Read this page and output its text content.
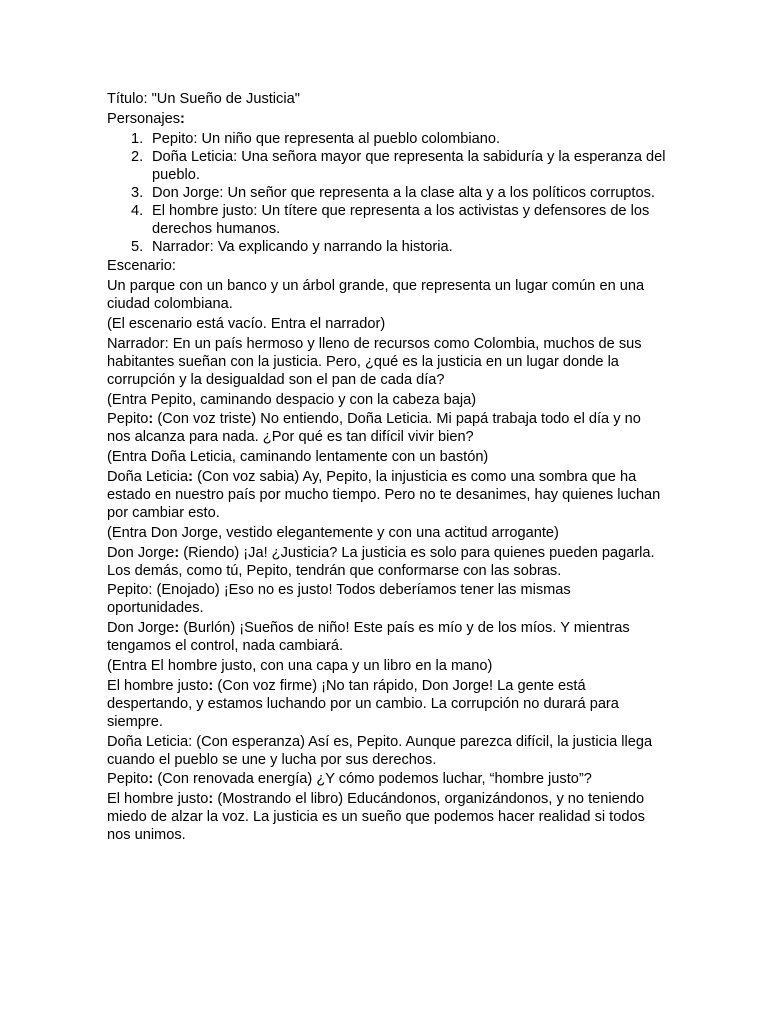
Título: "Un Sueño de Justicia"

Personajes:

1. Pepito: Un niño que representa al pueblo colombiano.
2. Doña Leticia: Una señora mayor que representa la sabiduría y la esperanza del pueblo.
3. Don Jorge: Un señor que representa a la clase alta y a los políticos corruptos.
4. El hombre justo: Un títere que representa a los activistas y defensores de los derechos humanos.
5. Narrador: Va explicando y narrando la historia.

Escenario:

Un parque con un banco y un árbol grande, que representa un lugar común en una ciudad colombiana.

(El escenario está vacío. Entra el narrador)

Narrador: En un país hermoso y lleno de recursos como Colombia, muchos de sus habitantes sueñan con la justicia. Pero, ¿qué es la justicia en un lugar donde la corrupción y la desigualdad son el pan de cada día?

(Entra Pepito, caminando despacio y con la cabeza baja)

Pepito: (Con voz triste) No entiendo, Doña Leticia. Mi papá trabaja todo el día y no nos alcanza para nada. ¿Por qué es tan difícil vivir bien?

(Entra Doña Leticia, caminando lentamente con un bastón)

Doña Leticia: (Con voz sabia) Ay, Pepito, la injusticia es como una sombra que ha estado en nuestro país por mucho tiempo. Pero no te desanimes, hay quienes luchan por cambiar esto.

(Entra Don Jorge, vestido elegantemente y con una actitud arrogante)

Don Jorge: (Riendo) ¡Ja! ¿Justicia? La justicia es solo para quienes pueden pagarla. Los demás, como tú, Pepito, tendrán que conformarse con las sobras.

Pepito: (Enojado) ¡Eso no es justo! Todos deberíamos tener las mismas oportunidades.

Don Jorge: (Burlón) ¡Sueños de niño! Este país es mío y de los míos. Y mientras tengamos el control, nada cambiará.

(Entra El hombre justo, con una capa y un libro en la mano)

El hombre justo: (Con voz firme) ¡No tan rápido, Don Jorge! La gente está despertando, y estamos luchando por un cambio. La corrupción no durará para siempre.

Doña Leticia: (Con esperanza) Así es, Pepito. Aunque parezca difícil, la justicia llega cuando el pueblo se une y lucha por sus derechos.

Pepito: (Con renovada energía) ¿Y cómo podemos luchar, “hombre justo”?

El hombre justo: (Mostrando el libro) Educándonos, organizándonos, y no teniendo miedo de alzar la voz. La justicia es un sueño que podemos hacer realidad si todos nos unimos.
